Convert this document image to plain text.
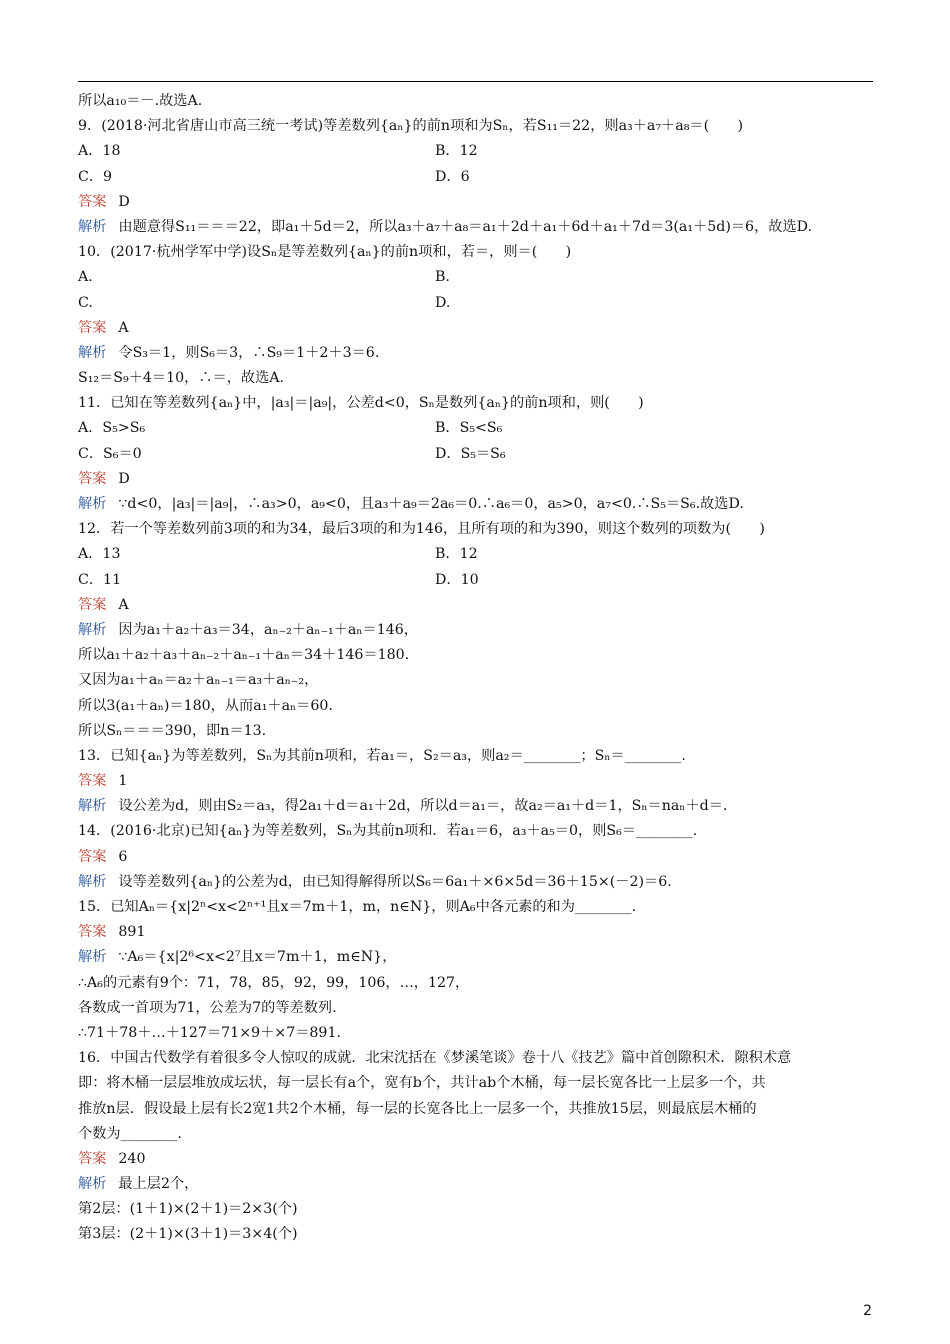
所以a₁₀＝－.故选A.
9．(2018·河北省唐山市高三统一考试)等差数列{aₙ}的前n项和为Sₙ，若S₁₁＝22，则a₃＋a₇＋a₈＝(　　)
A．18	B．12
C．9	D．6
答案 D
解析 由题意得S₁₁＝＝＝22，即a₁＋5d＝2，所以a₃＋a₇＋a₈＝a₁＋2d＋a₁＋6d＋a₁＋7d＝3(a₁＋5d)＝6，故选D.
10．(2017·杭州学军中学)设Sₙ是等差数列{aₙ}的前n项和，若＝，则＝(　　)
A.	B.
C.	D.
答案 A
解析 令S₃＝1，则S₆＝3，∴S₉＝1＋2＋3＝6.
S₁₂＝S₉＋4＝10，∴＝，故选A.
11．已知在等差数列{aₙ}中，|a₃|＝|a₉|，公差d<0，Sₙ是数列{aₙ}的前n项和，则(　　)
A．S₅>S₆	B．S₅<S₆
C．S₆＝0	D．S₅＝S₆
答案 D
解析 ∵d<0，|a₃|＝|a₉|，∴a₃>0，a₉<0，且a₃＋a₉＝2a₆＝0.∴a₆＝0，a₅>0，a₇<0.∴S₅＝S₆.故选D.
12．若一个等差数列前3项的和为34，最后3项的和为146，且所有项的和为390，则这个数列的项数为(　　)
A．13	B．12
C．11	D．10
答案 A
解析 因为a₁＋a₂＋a₃＝34，aₙ₋₂＋aₙ₋₁＋aₙ＝146，
所以a₁＋a₂＋a₃＋aₙ₋₂＋aₙ₋₁＋aₙ＝34＋146＝180.
又因为a₁＋aₙ＝a₂＋aₙ₋₁＝a₃＋aₙ₋₂，
所以3(a₁＋aₙ)＝180，从而a₁＋aₙ＝60.
所以Sₙ＝＝＝390，即n＝13.
13．已知{aₙ}为等差数列，Sₙ为其前n项和，若a₁＝，S₂＝a₃，则a₂＝________；Sₙ＝________.
答案 1
解析 设公差为d，则由S₂＝a₃，得2a₁＋d＝a₁＋2d，所以d＝a₁＝，故a₂＝a₁＋d＝1，Sₙ＝naₙ＋d＝.
14．(2016·北京)已知{aₙ}为等差数列，Sₙ为其前n项和．若a₁＝6，a₃＋a₅＝0，则S₆＝________.
答案 6
解析 设等差数列{aₙ}的公差为d，由已知得解得所以S₆＝6a₁＋×6×5d＝36＋15×(－2)＝6.
15．已知Aₙ＝{x|2ⁿ<x<2ⁿ⁺¹且x＝7m＋1，m，n∈N}，则A₆中各元素的和为________.
答案 891
解析 ∵A₆＝{x|2⁶<x<2⁷且x＝7m＋1，m∈N}，
∴A₆的元素有9个：71，78，85，92，99，106，…，127，
各数成一首项为71，公差为7的等差数列.
∴71＋78＋…＋127＝71×9＋×7＝891.
16．中国古代数学有着很多令人惊叹的成就．北宋沈括在《梦溪笔谈》卷十八《技艺》篇中首创隙积术．隙积术意
即：将木桶一层层堆放成坛状，每一层长有a个，宽有b个，共计ab个木桶，每一层长宽各比一上层多一个，共
推放n层．假设最上层有长2宽1共2个木桶，每一层的长宽各比上一层多一个，共推放15层，则最底层木桶的
个数为________.
答案 240
解析 最上层2个，
第2层：(1＋1)×(2＋1)＝2×3(个)
第3层：(2＋1)×(3＋1)＝3×4(个)
2
